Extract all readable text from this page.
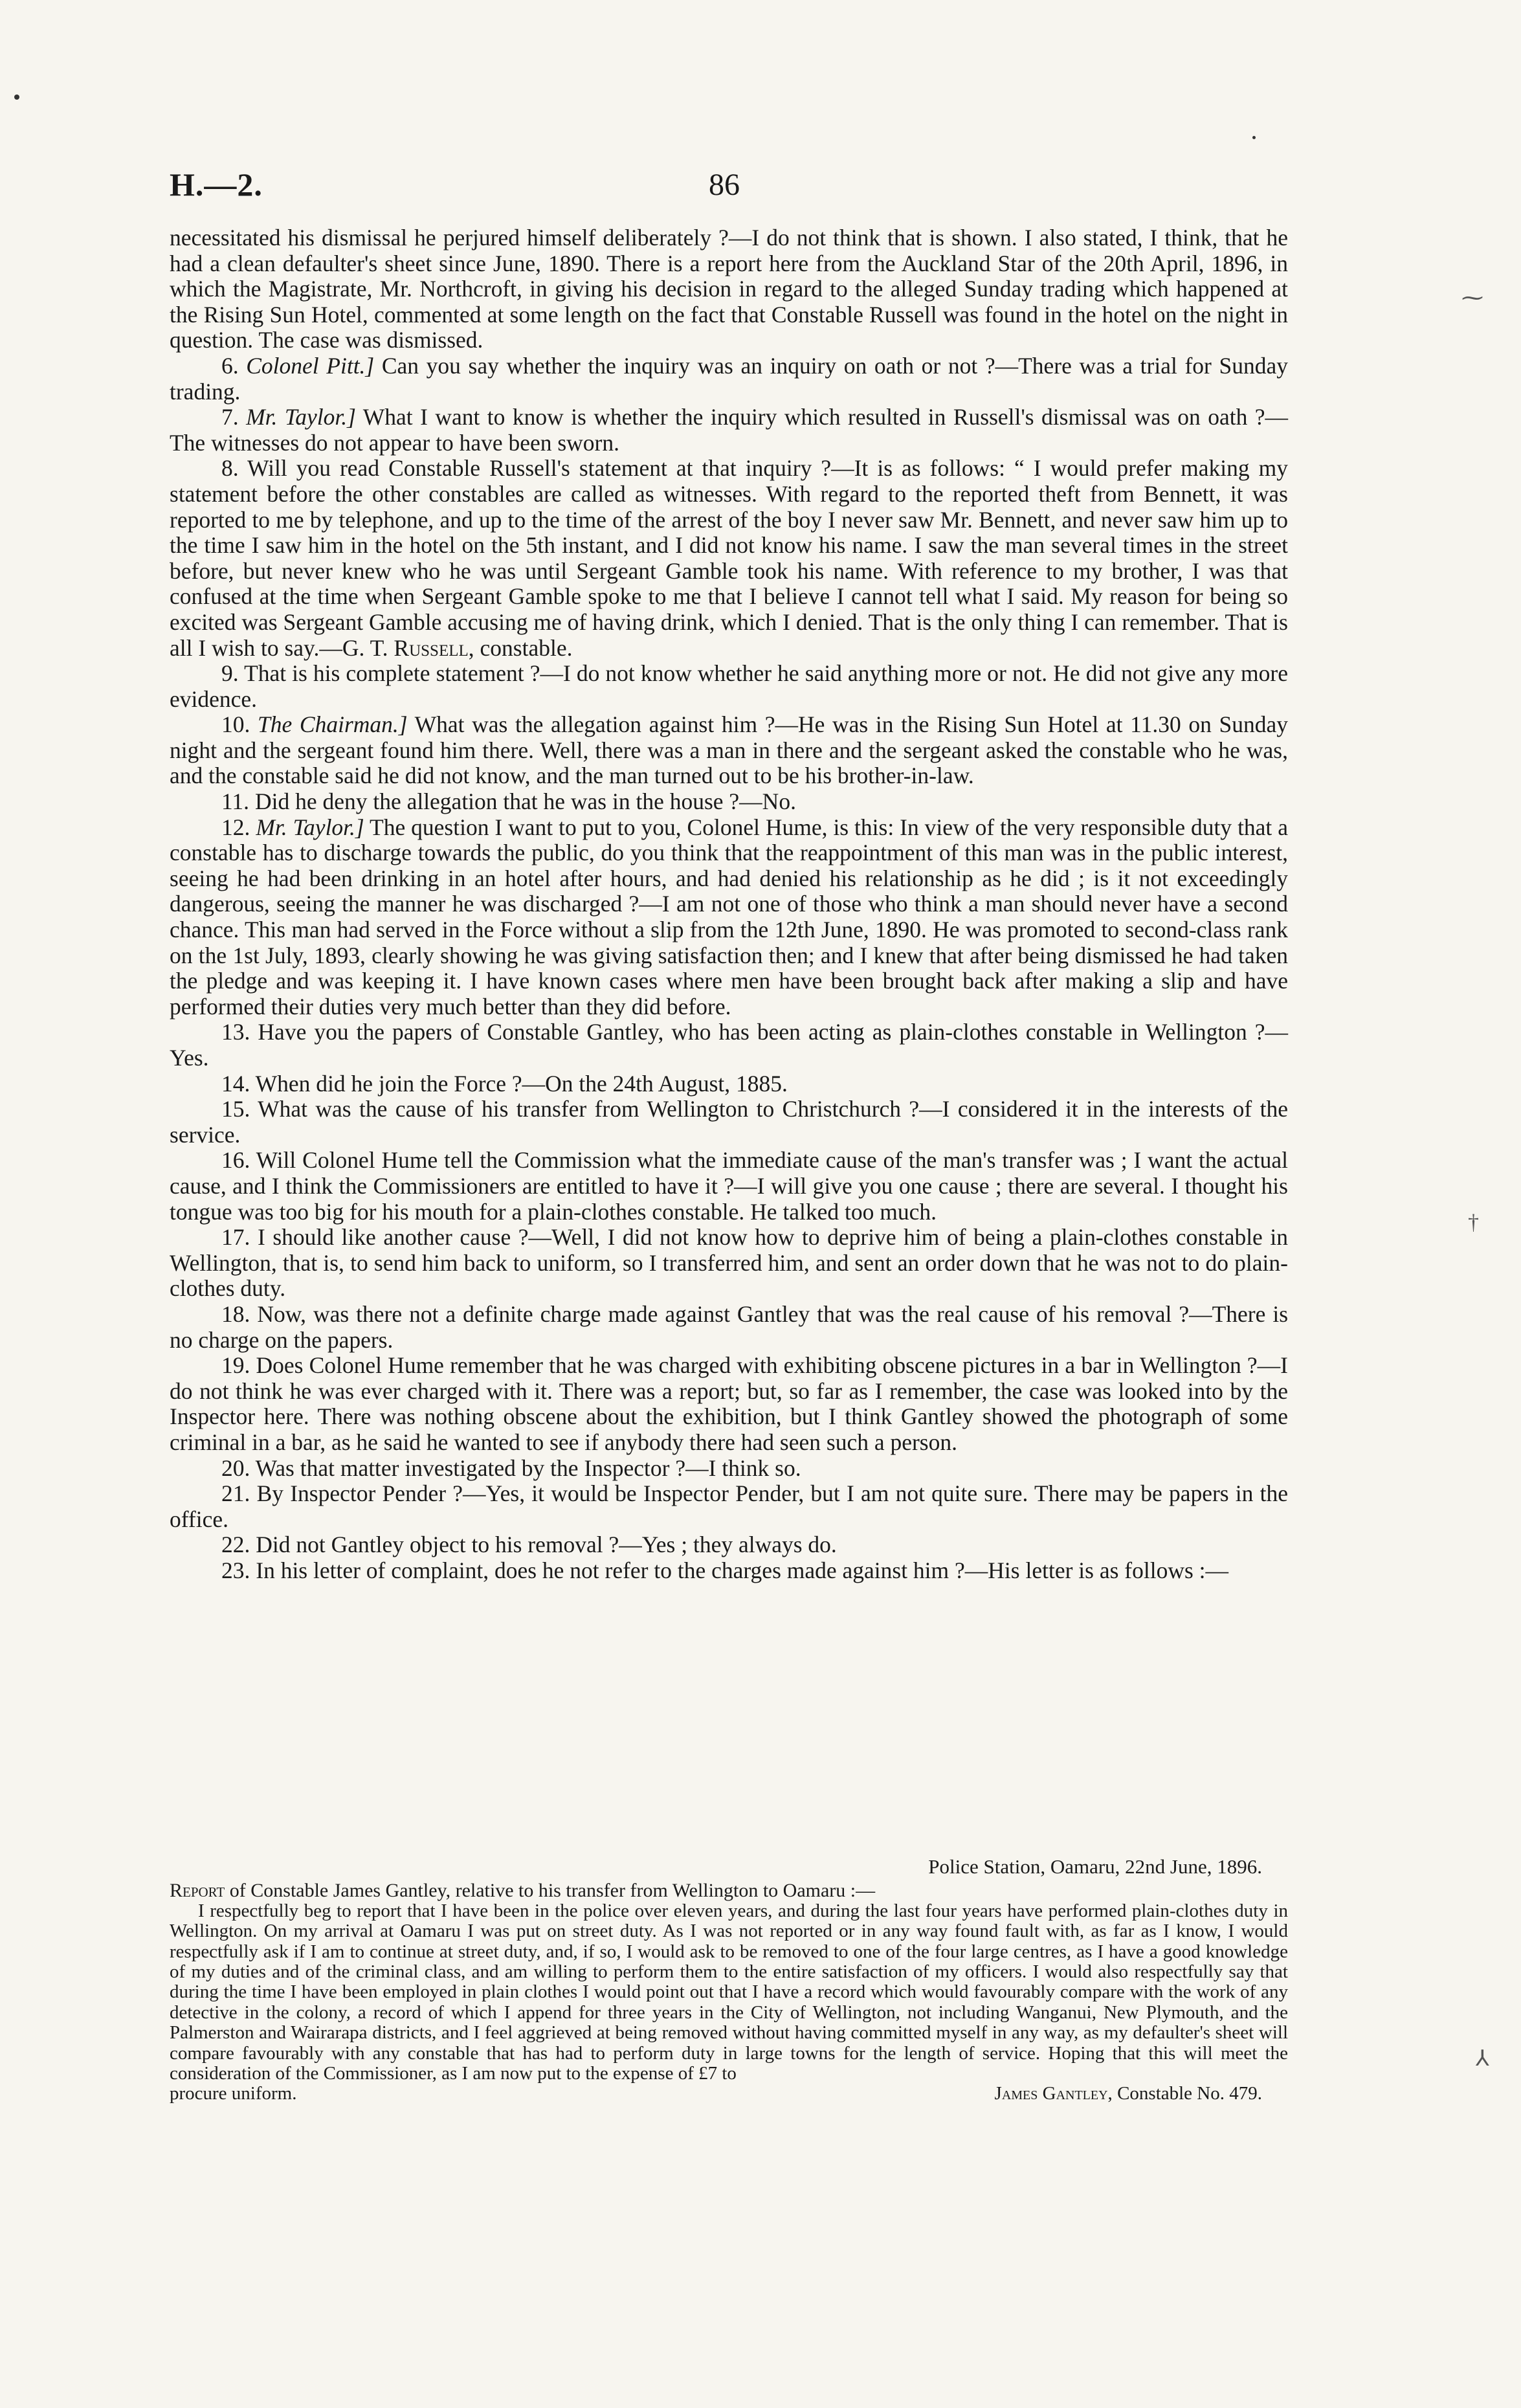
H.—2.	86
⁓
†
⅄

necessitated his dismissal he perjured himself deliberately ?—I do not think that is shown. I also stated, I think, that he had a clean defaulter's sheet since June, 1890. There is a report here from the Auckland Star of the 20th April, 1896, in which the Magistrate, Mr. Northcroft, in giving his decision in regard to the alleged Sunday trading which happened at the Rising Sun Hotel, commented at some length on the fact that Constable Russell was found in the hotel on the night in question. The case was dismissed.

6. Colonel Pitt.] Can you say whether the inquiry was an inquiry on oath or not ?—There was a trial for Sunday trading.

7. Mr. Taylor.] What I want to know is whether the inquiry which resulted in Russell's dismissal was on oath ?—The witnesses do not appear to have been sworn.

8. Will you read Constable Russell's statement at that inquiry ?—It is as follows: “ I would prefer making my statement before the other constables are called as witnesses. With regard to the reported theft from Bennett, it was reported to me by telephone, and up to the time of the arrest of the boy I never saw Mr. Bennett, and never saw him up to the time I saw him in the hotel on the 5th instant, and I did not know his name. I saw the man several times in the street before, but never knew who he was until Sergeant Gamble took his name. With reference to my brother, I was that confused at the time when Sergeant Gamble spoke to me that I believe I cannot tell what I said. My reason for being so excited was Sergeant Gamble accusing me of having drink, which I denied. That is the only thing I can remember. That is all I wish to say.—G. T. Russell, constable.

9. That is his complete statement ?—I do not know whether he said anything more or not. He did not give any more evidence.

10. The Chairman.] What was the allegation against him ?—He was in the Rising Sun Hotel at 11.30 on Sunday night and the sergeant found him there. Well, there was a man in there and the sergeant asked the constable who he was, and the constable said he did not know, and the man turned out to be his brother-in-law.

11. Did he deny the allegation that he was in the house ?—No.

12. Mr. Taylor.] The question I want to put to you, Colonel Hume, is this: In view of the very responsible duty that a constable has to discharge towards the public, do you think that the reappointment of this man was in the public interest, seeing he had been drinking in an hotel after hours, and had denied his relationship as he did ; is it not exceedingly dangerous, seeing the manner he was discharged ?—I am not one of those who think a man should never have a second chance. This man had served in the Force without a slip from the 12th June, 1890. He was promoted to second-class rank on the 1st July, 1893, clearly showing he was giving satisfaction then; and I knew that after being dismissed he had taken the pledge and was keeping it. I have known cases where men have been brought back after making a slip and have performed their duties very much better than they did before.

13. Have you the papers of Constable Gantley, who has been acting as plain-clothes constable in Wellington ?—Yes.

14. When did he join the Force ?—On the 24th August, 1885.

15. What was the cause of his transfer from Wellington to Christchurch ?—I considered it in the interests of the service.

16. Will Colonel Hume tell the Commission what the immediate cause of the man's transfer was ; I want the actual cause, and I think the Commissioners are entitled to have it ?—I will give you one cause ; there are several. I thought his tongue was too big for his mouth for a plain-clothes constable. He talked too much.

17. I should like another cause ?—Well, I did not know how to deprive him of being a plain-clothes constable in Wellington, that is, to send him back to uniform, so I transferred him, and sent an order down that he was not to do plain-clothes duty.

18. Now, was there not a definite charge made against Gantley that was the real cause of his removal ?—There is no charge on the papers.

19. Does Colonel Hume remember that he was charged with exhibiting obscene pictures in a bar in Wellington ?—I do not think he was ever charged with it. There was a report; but, so far as I remember, the case was looked into by the Inspector here. There was nothing obscene about the exhibition, but I think Gantley showed the photograph of some criminal in a bar, as he said he wanted to see if anybody there had seen such a person.

20. Was that matter investigated by the Inspector ?—I think so.

21. By Inspector Pender ?—Yes, it would be Inspector Pender, but I am not quite sure. There may be papers in the office.

22. Did not Gantley object to his removal ?—Yes ; they always do.

23. In his letter of complaint, does he not refer to the charges made against him ?—His letter is as follows :—

Police Station, Oamaru, 22nd June, 1896.

Report of Constable James Gantley, relative to his transfer from Wellington to Oamaru :—

I respectfully beg to report that I have been in the police over eleven years, and during the last four years have performed plain-clothes duty in Wellington. On my arrival at Oamaru I was put on street duty. As I was not reported or in any way found fault with, as far as I know, I would respectfully ask if I am to continue at street duty, and, if so, I would ask to be removed to one of the four large centres, as I have a good knowledge of my duties and of the criminal class, and am willing to perform them to the entire satisfaction of my officers. I would also respectfully say that during the time I have been employed in plain clothes I would point out that I have a record which would favourably compare with the work of any detective in the colony, a record of which I append for three years in the City of Wellington, not including Wanganui, New Plymouth, and the Palmerston and Wairarapa districts, and I feel aggrieved at being removed without having committed myself in any way, as my defaulter's sheet will compare favourably with any constable that has had to perform duty in large towns for the length of service. Hoping that this will meet the consideration of the Commissioner, as I am now put to the expense of £7 to

procure uniform.	James Gantley, Constable No. 479.
